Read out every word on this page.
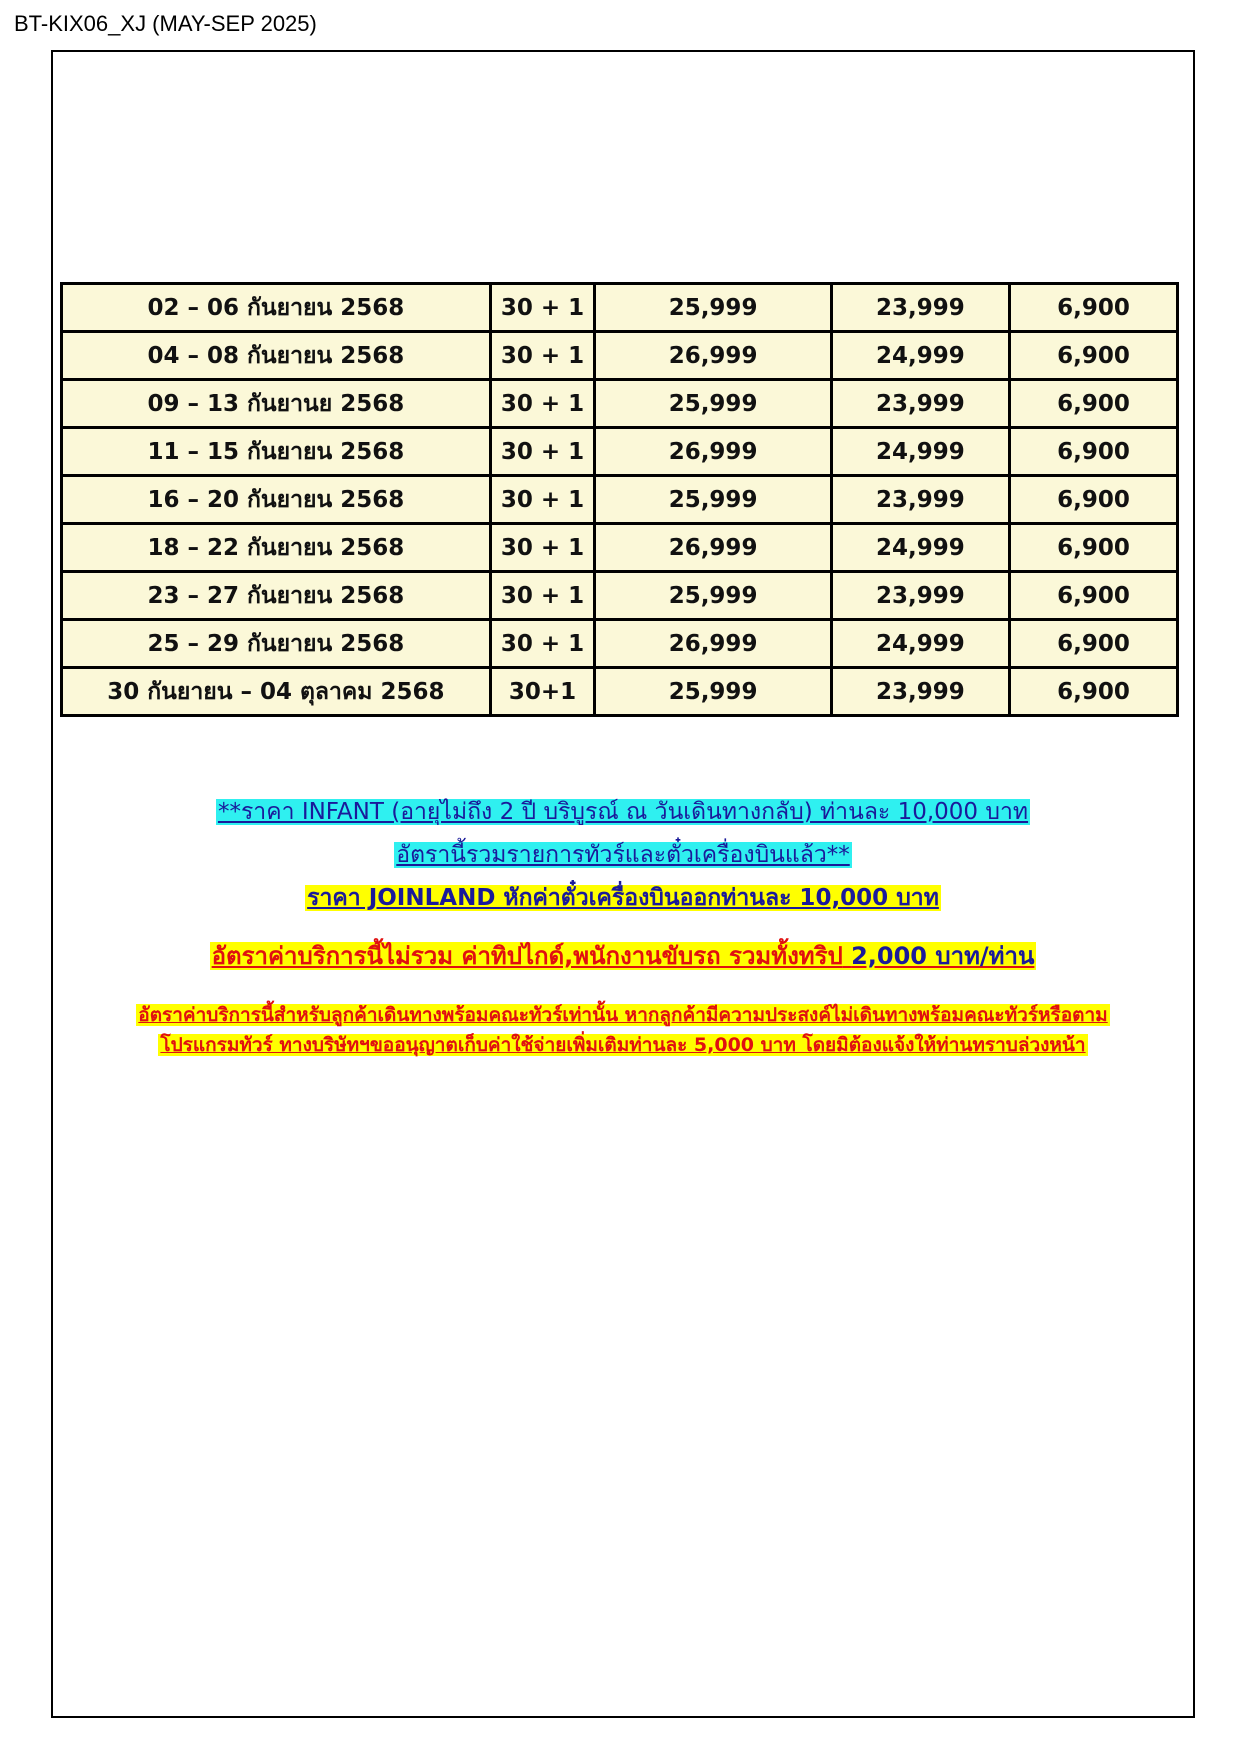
BT-KIX06_XJ (MAY-SEP 2025)
02 – 06 กันยายน 2568	30 + 1	25,999	23,999	6,900
04 – 08 กันยายน 2568	30 + 1	26,999	24,999	6,900
09 – 13 กันยานย 2568	30 + 1	25,999	23,999	6,900
11 – 15 กันยายน 2568	30 + 1	26,999	24,999	6,900
16 – 20 กันยายน 2568	30 + 1	25,999	23,999	6,900
18 – 22 กันยายน 2568	30 + 1	26,999	24,999	6,900
23 – 27 กันยายน 2568	30 + 1	25,999	23,999	6,900
25 – 29 กันยายน 2568	30 + 1	26,999	24,999	6,900
30 กันยายน – 04 ตุลาคม 2568	30+1	25,999	23,999	6,900
**ราคา INFANT (อายุไม่ถึง 2 ปี บริบูรณ์ ณ วันเดินทางกลับ) ท่านละ 10,000 บาท
อัตรานี้รวมรายการทัวร์และตั๋วเครื่องบินแล้ว**
ราคา JOINLAND หักค่าตั๋วเครื่องบินออกท่านละ 10,000 บาท
อัตราค่าบริการนี้ไม่รวม ค่าทิปไกด์,พนักงานขับรถ รวมทั้งทริป 2,000 บาท/ท่าน
อัตราค่าบริการนี้สำหรับลูกค้าเดินทางพร้อมคณะทัวร์เท่านั้น หากลูกค้ามีความประสงค์ไม่เดินทางพร้อมคณะทัวร์หรือตาม
โปรแกรมทัวร์ ทางบริษัทฯขออนุญาตเก็บค่าใช้จ่ายเพิ่มเติมท่านละ 5,000 บาท โดยมิต้องแจ้งให้ท่านทราบล่วงหน้า
